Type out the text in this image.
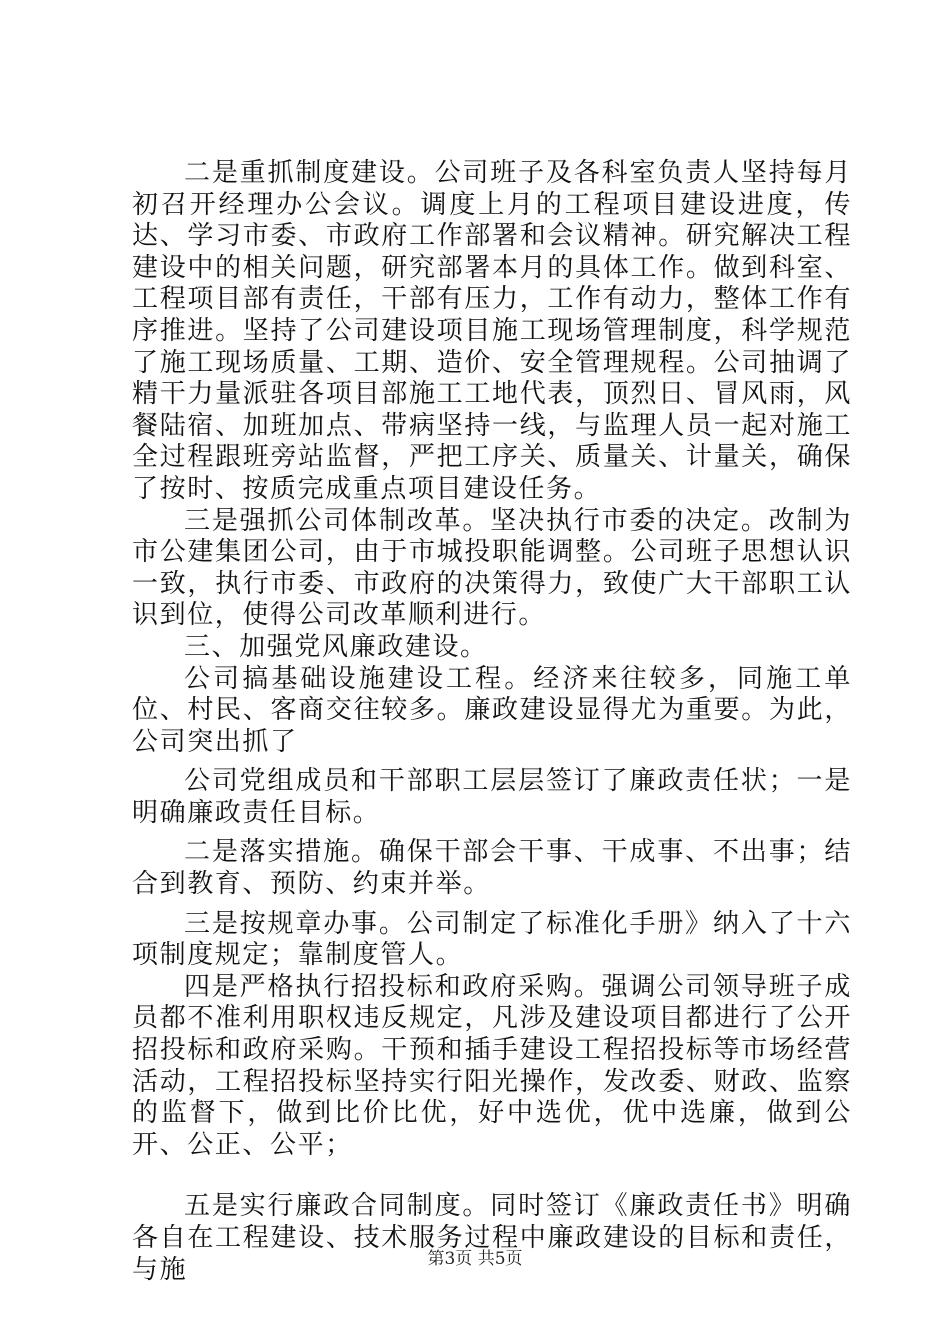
二是重抓制度建设。公司班子及各科室负责人坚持每月初召开经理办公会议。调度上月的工程项目建设进度，传达、学习市委、市政府工作部署和会议精神。研究解决工程建设中的相关问题，研究部署本月的具体工作。做到科室、工程项目部有责任，干部有压力，工作有动力，整体工作有序推进。坚持了公司建设项目施工现场管理制度，科学规范了施工现场质量、工期、造价、安全管理规程。公司抽调了精干力量派驻各项目部施工工地代表，顶烈日、冒风雨，风餐陆宿、加班加点、带病坚持一线，与监理人员一起对施工全过程跟班旁站监督，严把工序关、质量关、计量关，确保了按时、按质完成重点项目建设任务。

三是强抓公司体制改革。坚决执行市委的决定。改制为市公建集团公司，由于市城投职能调整。公司班子思想认识一致，执行市委、市政府的决策得力，致使广大干部职工认识到位，使得公司改革顺利进行。

三、加强党风廉政建设。

公司搞基础设施建设工程。经济来往较多，同施工单位、村民、客商交往较多。廉政建设显得尤为重要。为此，公司突出抓了

公司党组成员和干部职工层层签订了廉政责任状；一是明确廉政责任目标。

二是落实措施。确保干部会干事、干成事、不出事；结合到教育、预防、约束并举。

三是按规章办事。公司制定了标准化手册》纳入了十六项制度规定；靠制度管人。

四是严格执行招投标和政府采购。强调公司领导班子成员都不准利用职权违反规定，凡涉及建设项目都进行了公开招投标和政府采购。干预和插手建设工程招投标等市场经营活动，工程招投标坚持实行阳光操作，发改委、财政、监察的监督下，做到比价比优，好中选优，优中选廉，做到公开、公正、公平；

五是实行廉政合同制度。同时签订《廉政责任书》明确各自在工程建设、技术服务过程中廉政建设的目标和责任，与施	第3页 共5页
